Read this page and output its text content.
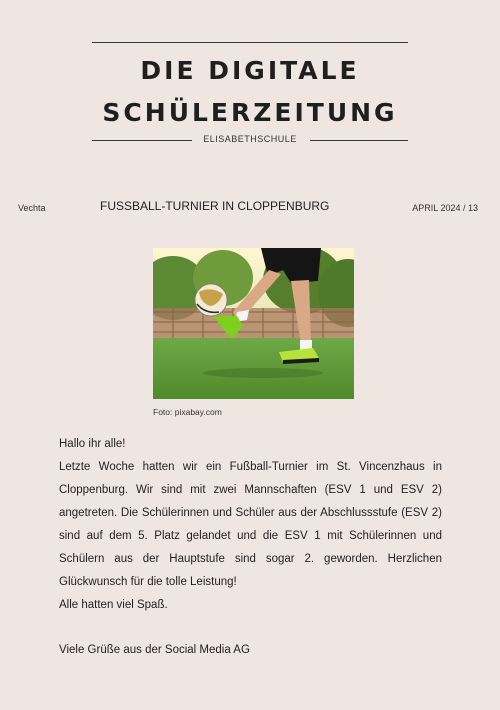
DIE DIGITALE
SCHÜLERZEITUNG
ELISABETHSCHULE
Vechta	FUSSBALL-TURNIER IN CLOPPENBURG	APRIL 2024 / 13
Foto: pixabay.com

Hallo ihr alle!

Letzte Woche hatten wir ein Fußball-Turnier im St. Vincenzhaus in Cloppenburg. Wir sind mit zwei Mannschaften (ESV 1 und ESV 2) angetreten. Die Schülerinnen und Schüler aus der Abschlussstufe (ESV 2) sind auf dem 5. Platz gelandet und die ESV 1 mit Schülerinnen und Schülern aus der Hauptstufe sind sogar 2. geworden. Herzlichen Glückwunsch für die tolle Leistung!

Alle hatten viel Spaß.

Viele Grüße aus der Social Media AG
